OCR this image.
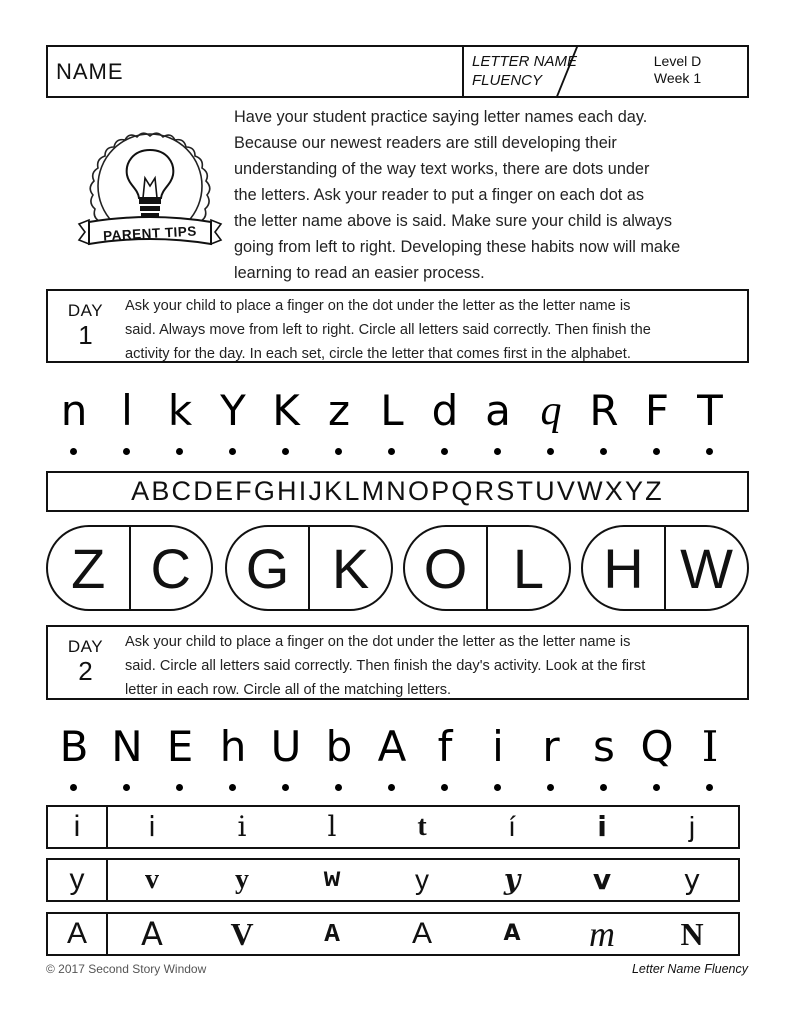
NAME	LETTER NAME
FLUENCY
Level D
Week 1
PARENT TIPS
Have your student practice saying letter names each day.
Because our newest readers are still developing their
understanding of the way text works, there are dots under
the letters. Ask your reader to put a finger on each dot as
the letter name above is said. Make sure your child is always
going from left to right. Developing these habits now will make
learning to read an easier process.
DAY
1
Ask your child to place a finger on the dot under the letter as the letter name is
said. Always move from left to right. Circle all letters said correctly. Then finish the
activity for the day. In each set, circle the letter that comes first in the alphabet.
n l k Y K z L d a q R F T
ABCDEFGHIJKLMNOPQRSTUVWXYZ
Z C G K O L	H W
DAY
2
Ask your child to place a finger on the dot under the letter as the letter name is
said. Circle all letters said correctly. Then finish the day's activity. Look at the first
letter in each row. Circle all of the matching letters.
B N E h U b A f i r s Q I
i	i	i	l	t	í	i	j
y	v	y	w	y	y	v	y
A	A	V	A	A	A	m	N
© 2017 Second Story Window	Letter Name Fluency
